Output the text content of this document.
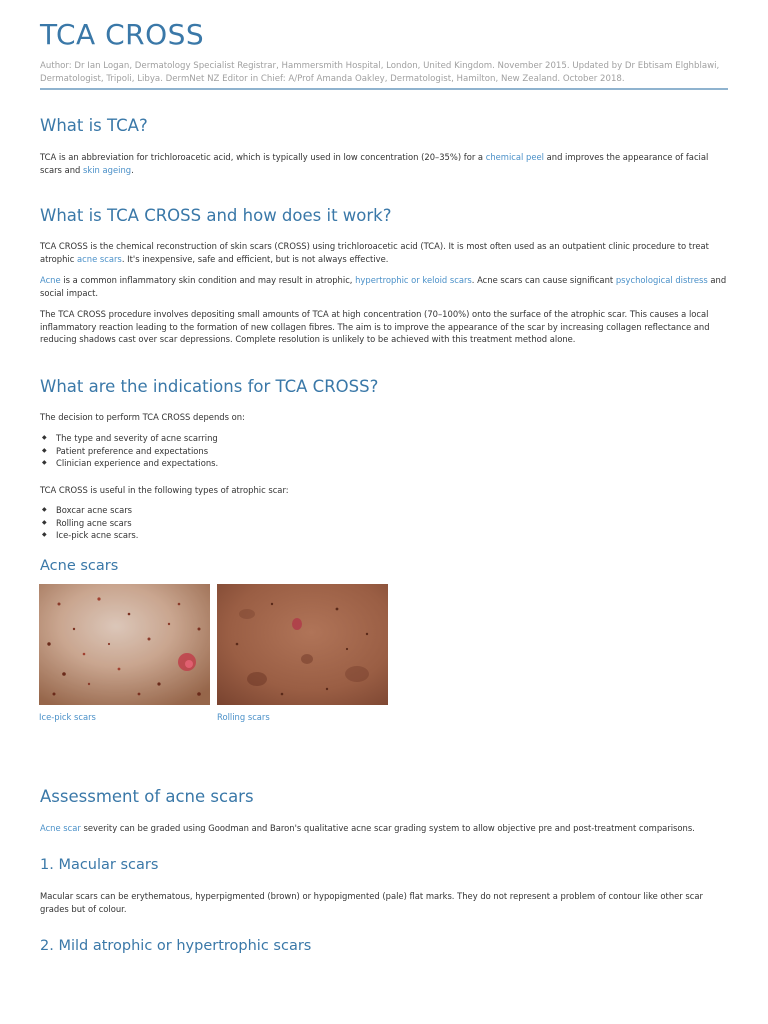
TCA CROSS
Author: Dr Ian Logan, Dermatology Specialist Registrar, Hammersmith Hospital, London, United Kingdom. November 2015. Updated by Dr Ebtisam Elghblawi, Dermatologist, Tripoli, Libya. DermNet NZ Editor in Chief: A/Prof Amanda Oakley, Dermatologist, Hamilton, New Zealand. October 2018.
What is TCA?

TCA is an abbreviation for trichloroacetic acid, which is typically used in low concentration (20–35%) for a chemical peel and improves the appearance of facial scars and skin ageing.

What is TCA CROSS and how does it work?

TCA CROSS is the chemical reconstruction of skin scars (CROSS) using trichloroacetic acid (TCA). It is most often used as an outpatient clinic procedure to treat atrophic acne scars. It's inexpensive, safe and efficient, but is not always effective.

Acne is a common inflammatory skin condition and may result in atrophic, hypertrophic or keloid scars. Acne scars can cause significant psychological distress and social impact.

The TCA CROSS procedure involves depositing small amounts of TCA at high concentration (70–100%) onto the surface of the atrophic scar. This causes a local inflammatory reaction leading to the formation of new collagen fibres. The aim is to improve the appearance of the scar by increasing collagen reflectance and reducing shadows cast over scar depressions. Complete resolution is unlikely to be achieved with this treatment method alone.

What are the indications for TCA CROSS?

The decision to perform TCA CROSS depends on:

◆ The type and severity of acne scarring
◆ Patient preference and expectations
◆ Clinician experience and expectations.

TCA CROSS is useful in the following types of atrophic scar:

◆ Boxcar acne scars
◆ Rolling acne scars
◆ Ice-pick acne scars.
Acne scars
Ice-pick scars	Rolling scars
Assessment of acne scars

Acne scar severity can be graded using Goodman and Baron's qualitative acne scar grading system to allow objective pre and post-treatment comparisons.

1. Macular scars

Macular scars can be erythematous, hyperpigmented (brown) or hypopigmented (pale) flat marks. They do not represent a problem of contour like other scar grades but of colour.

2. Mild atrophic or hypertrophic scars
